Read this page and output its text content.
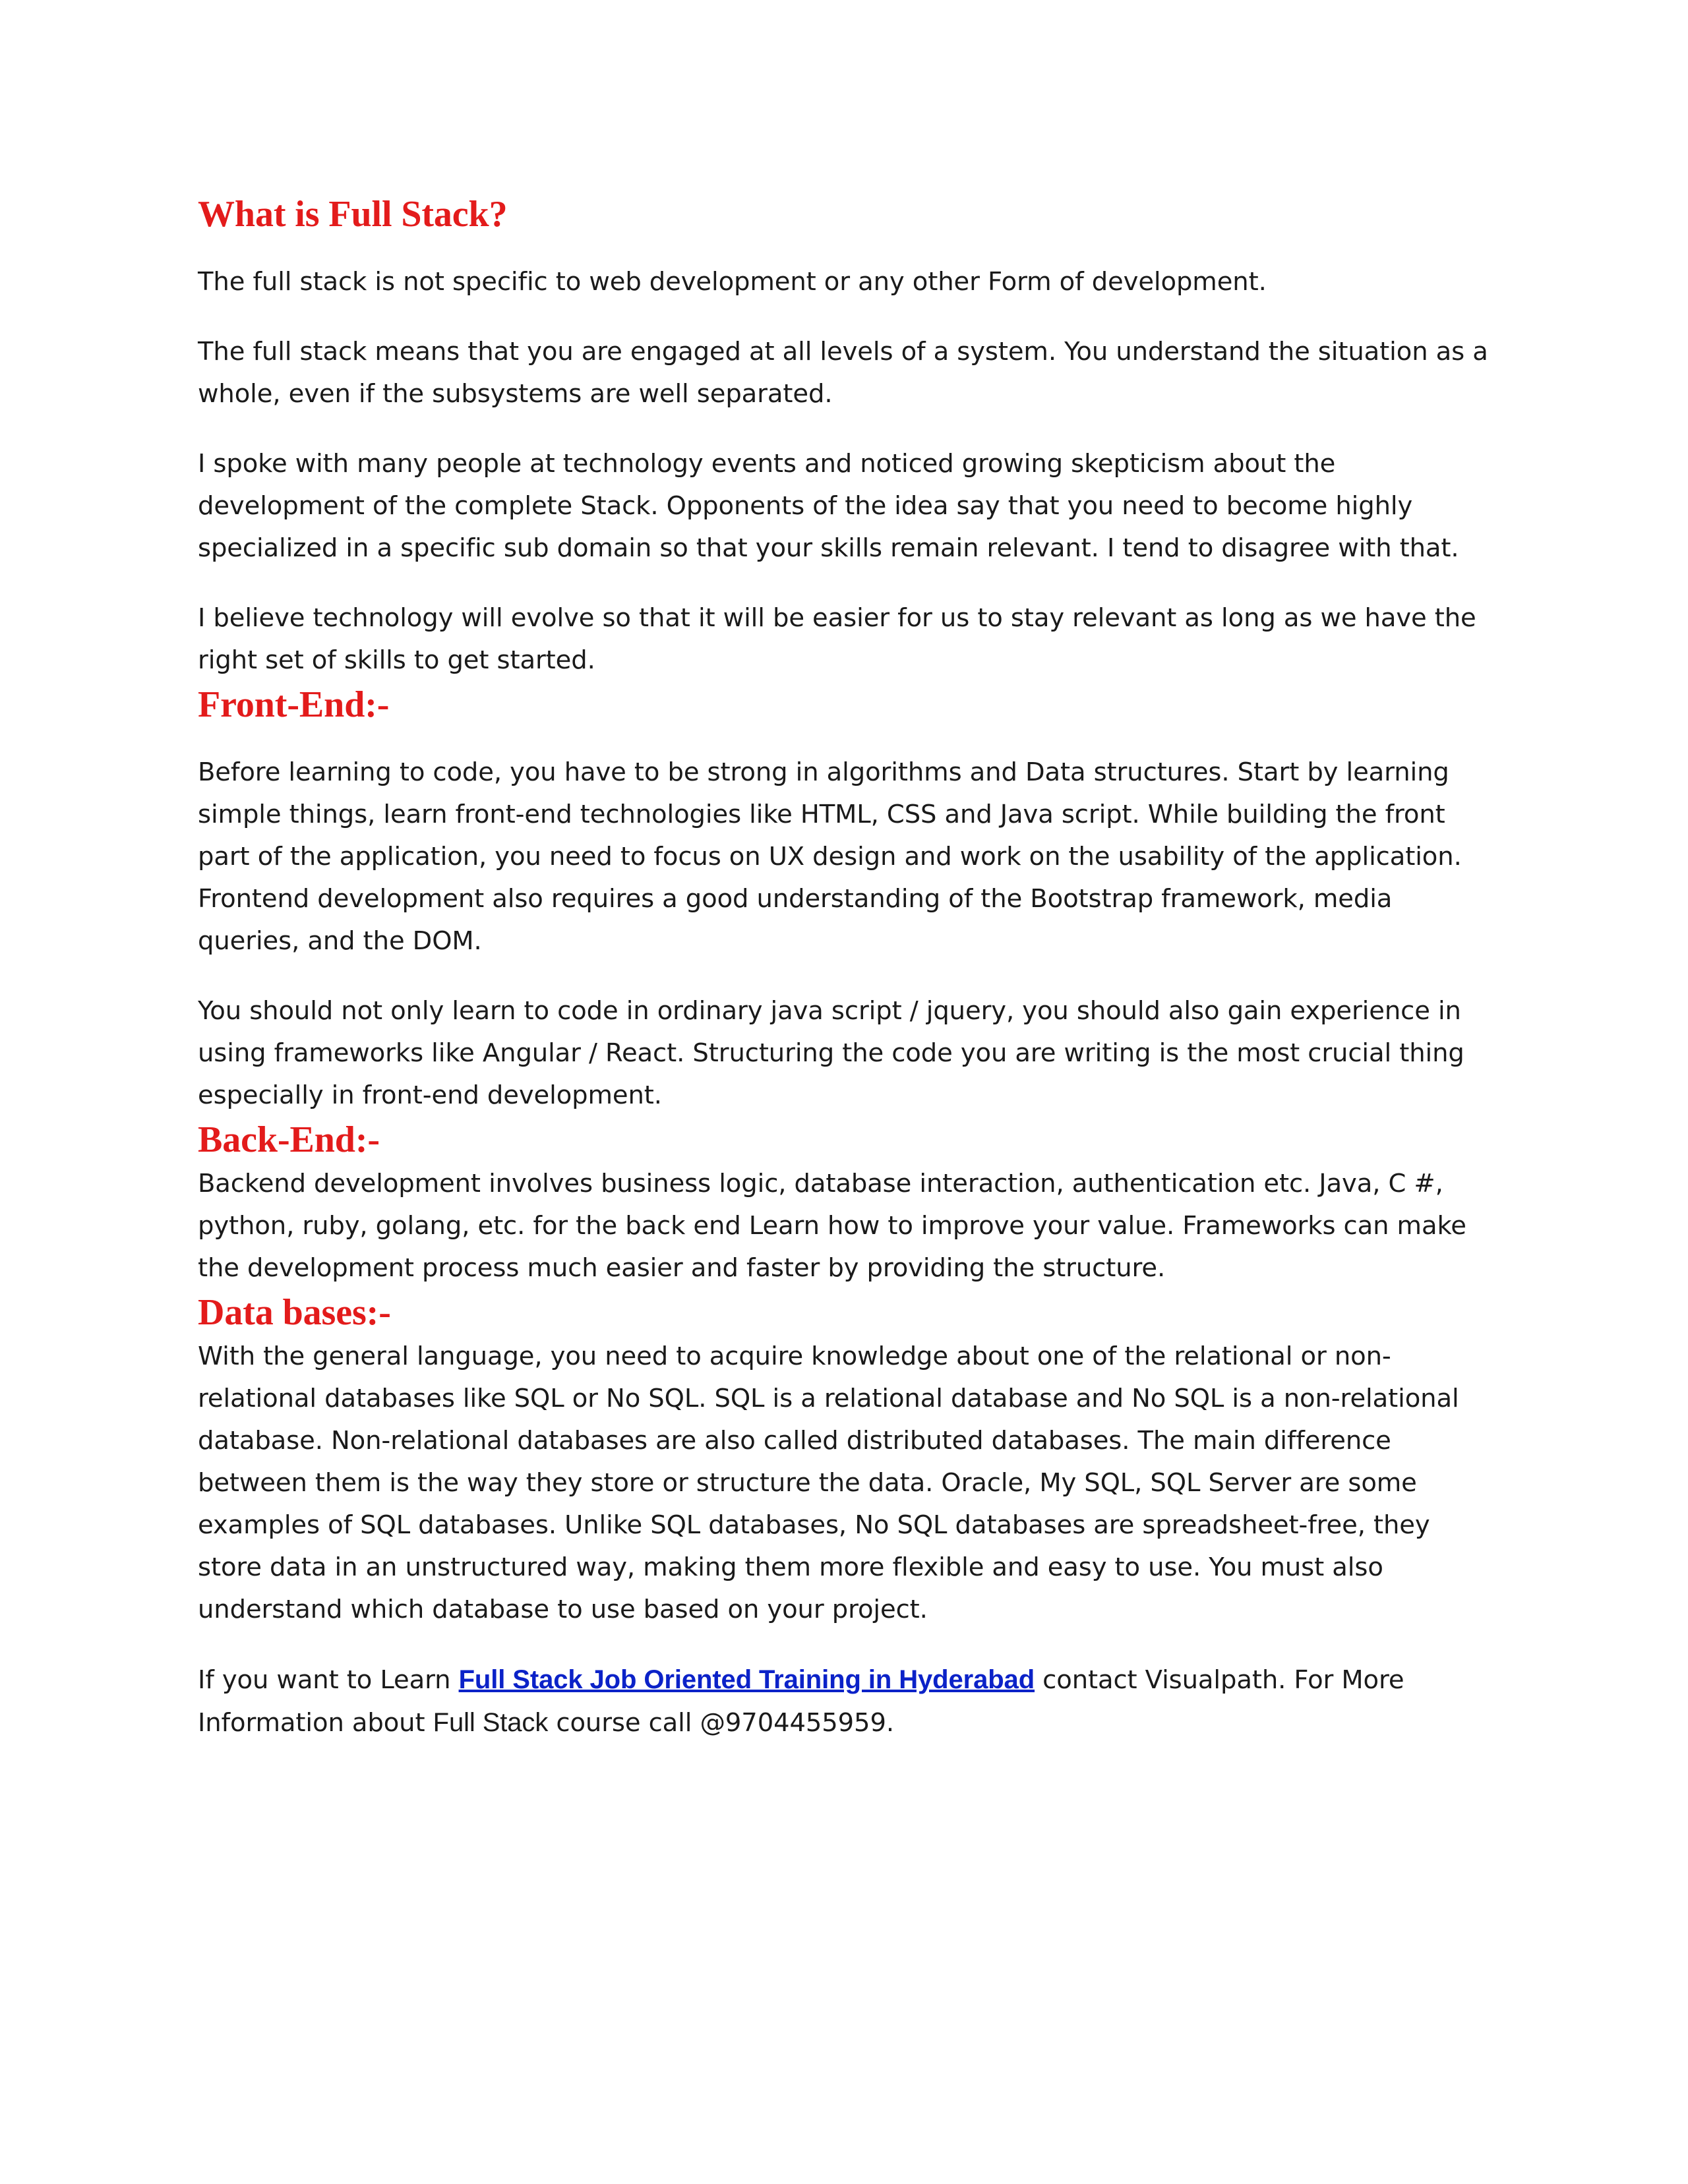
What is Full Stack?

The full stack is not specific to web development or any other Form of development.

The full stack means that you are engaged at all levels of a system. You understand the situation as a whole, even if the subsystems are well separated.

I spoke with many people at technology events and noticed growing skepticism about the development of the complete Stack. Opponents of the idea say that you need to become highly specialized in a specific sub domain so that your skills remain relevant. I tend to disagree with that.

I believe technology will evolve so that it will be easier for us to stay relevant as long as we have the right set of skills to get started.

Front-End:-

Before learning to code, you have to be strong in algorithms and Data structures. Start by learning simple things, learn front-end technologies like HTML, CSS and Java script. While building the front part of the application, you need to focus on UX design and work on the usability of the application. Frontend development also requires a good understanding of the Bootstrap framework, media queries, and the DOM.

You should not only learn to code in ordinary java script / jquery, you should also gain experience in using frameworks like Angular / React. Structuring the code you are writing is the most crucial thing especially in front-end development.

Back-End:-

Backend development involves business logic, database interaction, authentication etc. Java, C #, python, ruby, golang, etc. for the back end Learn how to improve your value. Frameworks can make the development process much easier and faster by providing the structure.

Data bases:-

With the general language, you need to acquire knowledge about one of the relational or non-relational databases like SQL or No SQL. SQL is a relational database and No SQL is a non-relational database. Non-relational databases are also called distributed databases. The main difference between them is the way they store or structure the data. Oracle, My SQL, SQL Server are some examples of SQL databases. Unlike SQL databases, No SQL databases are spreadsheet-free, they store data in an unstructured way, making them more flexible and easy to use. You must also understand which database to use based on your project.

If you want to Learn Full Stack Job Oriented Training in Hyderabad contact Visualpath. For More Information about Full Stack course call @9704455959.
